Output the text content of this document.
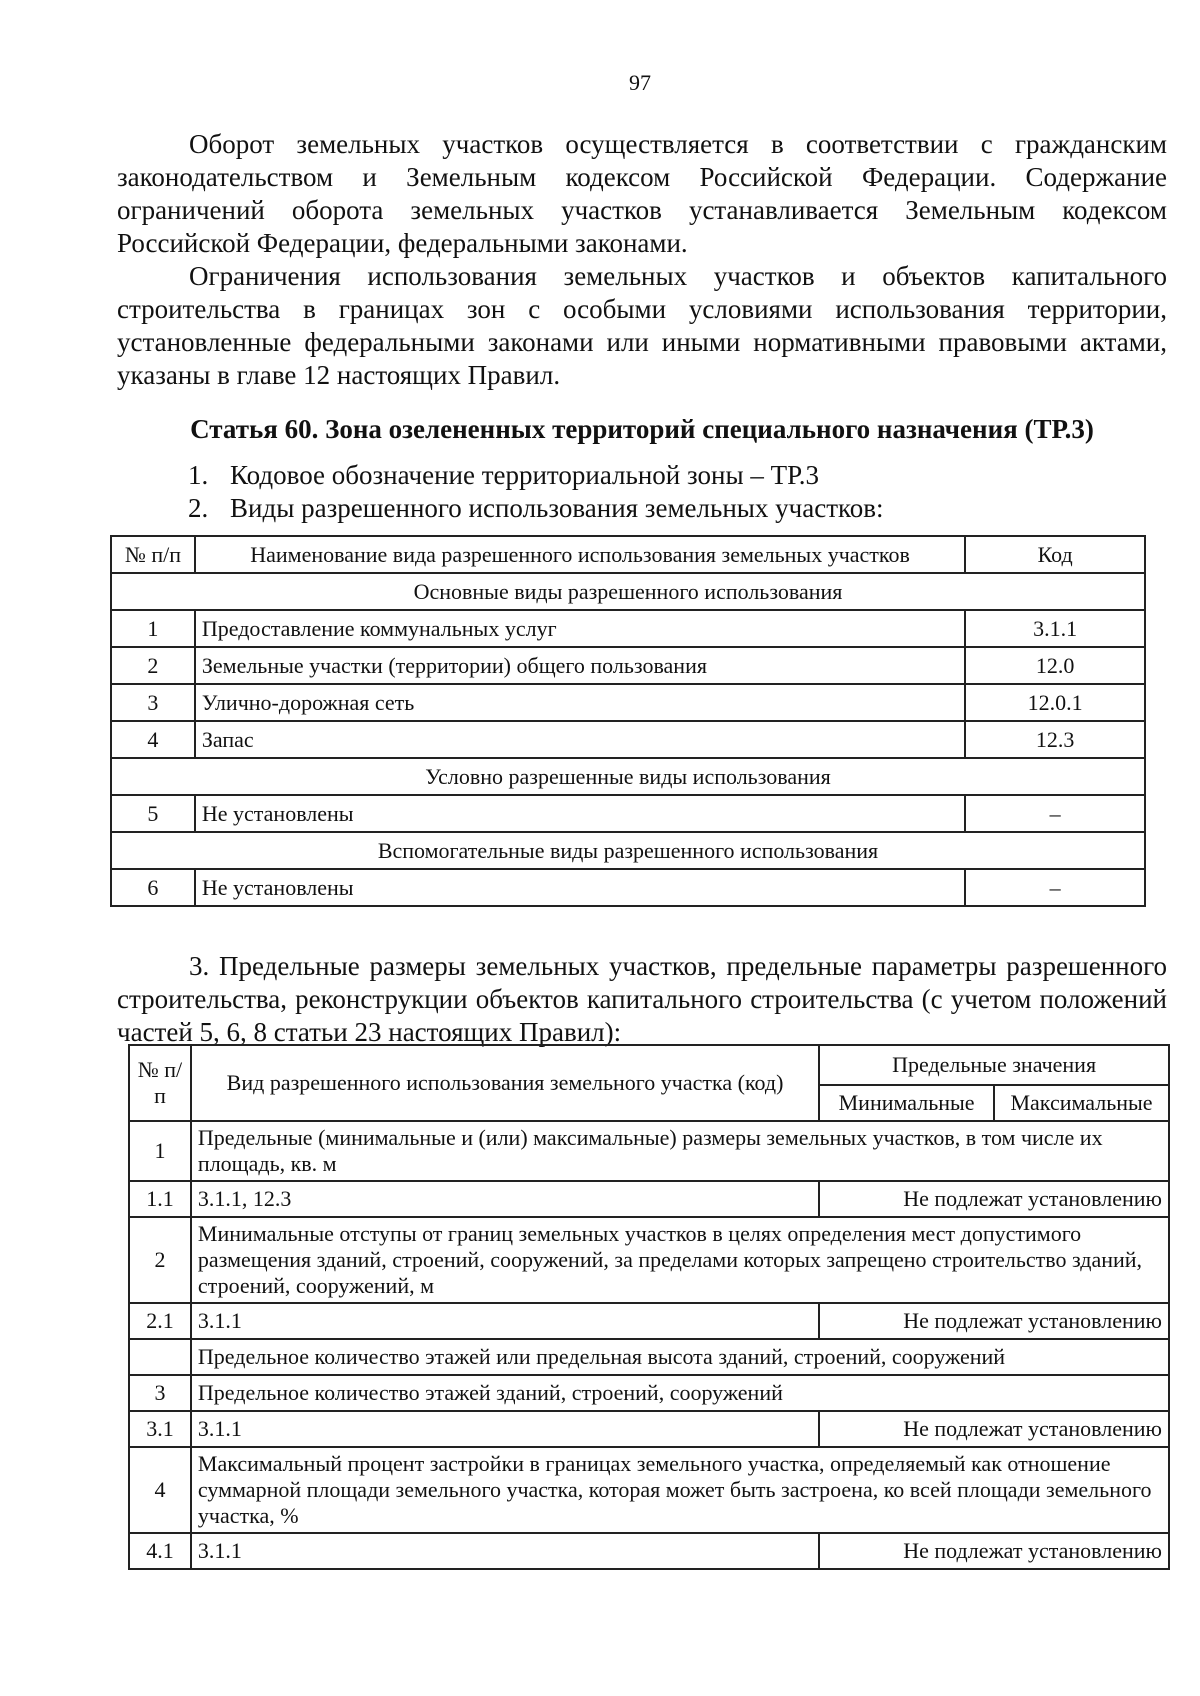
97

Оборот земельных участков осуществляется в соответствии с гражданским законодательством и Земельным кодексом Российской Федерации. Содержание ограничений оборота земельных участков устанавливается Земельным кодексом Российской Федерации, федеральными законами.

Ограничения использования земельных участков и объектов капитального строительства в границах зон с особыми условиями использования территории, установленные федеральными законами или иными нормативными правовыми актами, указаны в главе 12 настоящих Правил.

Статья 60. Зона озелененных территорий специального назначения (ТР.3)
1. Кодовое обозначение территориальной зоны – ТР.3
2. Виды разрешенного использования земельных участков:
№ п/п	Наименование вида разрешенного использования земельных участков	Код
Основные виды разрешенного использования		
1	Предоставление коммунальных услуг	3.1.1
2	Земельные участки (территории) общего пользования	12.0
3	Улично-дорожная сеть	12.0.1
4	Запас	12.3
Условно разрешенные виды использования		
5	Не установлены	–
Вспомогательные виды разрешенного использования		
6	Не установлены	–

3. Предельные размеры земельных участков, предельные параметры разрешенного строительства, реконструкции объектов капитального строительства (с учетом положений частей 5, 6, 8 статьи 23 настоящих Правил):

№ п/п	Вид разрешенного использования земельного участка (код)	Предельные значения	
		Минимальные	Максимальные
1	Предельные (минимальные и (или) максимальные) размеры земельных участков, в том числе их площадь, кв. м		
1.1	3.1.1, 12.3	Не подлежат установлению	
2	Минимальные отступы от границ земельных участков в целях определения мест допустимого размещения зданий, строений, сооружений, за пределами которых запрещено строительство зданий, строений, сооружений, м		
2.1	3.1.1	Не подлежат установлению	
	Предельное количество этажей или предельная высота зданий, строений, сооружений		
3	Предельное количество этажей зданий, строений, сооружений		
3.1	3.1.1	Не подлежат установлению	
4	Максимальный процент застройки в границах земельного участка, определяемый как отношение суммарной площади земельного участка, которая может быть застроена, ко всей площади земельного участка, %		
4.1	3.1.1	Не подлежат установлению	
